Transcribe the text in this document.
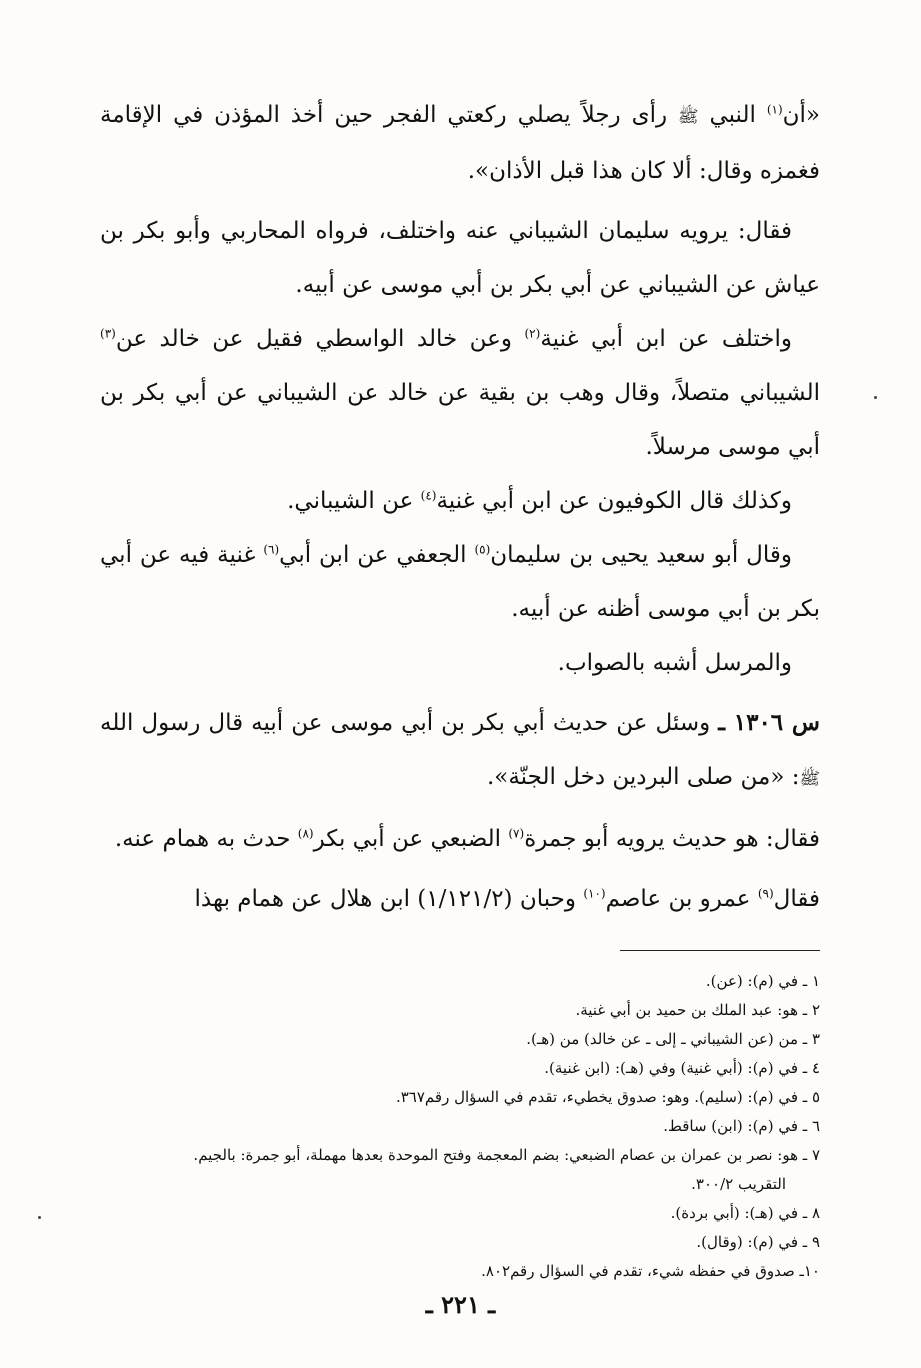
«أن$^{(١)}$ النبي ﷺ رأى رجلاً يصلي ركعتي الفجر حين أخذ المؤذن في الإقامة فغمزه وقال: ألا كان هذا قبل الأذان».

فقال: يرويه سليمان الشيباني عنه واختلف، فرواه المحاربي وأبو بكر بن عياش عن الشيباني عن أبي بكر بن أبي موسى عن أبيه.

واختلف عن ابن أبي غنية$^{(٢)}$ وعن خالد الواسطي فقيل عن خالد عن$^{(٣)}$ الشيباني متصلاً، وقال وهب بن بقية عن خالد عن الشيباني عن أبي بكر بن أبي موسى مرسلاً.

وكذلك قال الكوفيون عن ابن أبي غنية$^{(٤)}$ عن الشيباني.

وقال أبو سعيد يحيى بن سليمان$^{(٥)}$ الجعفي عن ابن أبي$^{(٦)}$ غنية فيه عن أبي بكر بن أبي موسى أظنه عن أبيه.

والمرسل أشبه بالصواب.

س ١٣٠٦ ـ وسئل عن حديث أبي بكر بن أبي موسى عن أبيه قال رسول الله ﷺ: «من صلى البردين دخل الجنّة».

فقال: هو حديث يرويه أبو جمرة$^{(٧)}$ الضبعي عن أبي بكر$^{(٨)}$ حدث به همام عنه.

فقال$^{(٩)}$ عمرو بن عاصم$^{(١٠)}$ وحبان (١/١٢١/٢) ابن هلال عن همام بهذا

١ ـ في (م): (عن).
٢ ـ هو: عبد الملك بن حميد بن أبي غنية.
٣ ـ من (عن الشيباني ـ إلى ـ عن خالد) من (هـ).
٤ ـ في (م): (أبي غنية) وفي (هـ): (ابن غنية).
٥ ـ في (م): (سليم). وهو: صدوق يخطيء، تقدم في السؤال رقم٣٦٧.
٦ ـ في (م): (ابن) ساقط.
٧ ـ هو: نصر بن عمران بن عصام الضبعي: بضم المعجمة وفتح الموحدة بعدها مهملة، أبو جمرة: بالجيم.
التقريب ٣٠٠/٢.
٨ ـ في (هـ): (أبي بردة).
٩ ـ في (م): (وقال).
١٠ـ صدوق في حفظه شيء، تقدم في السؤال رقم٨٠٢.
ـ ٢٢١ ـ
